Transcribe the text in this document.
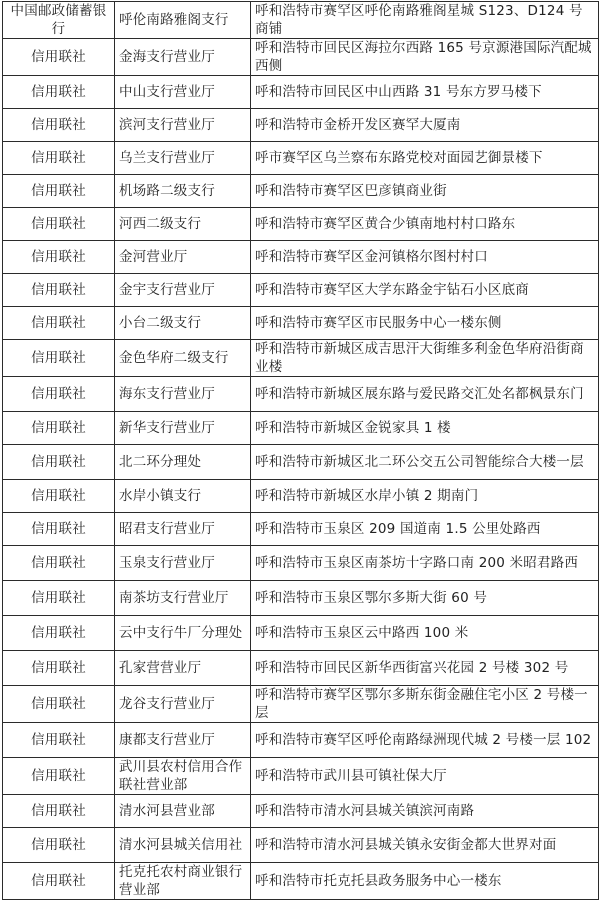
中国邮政储蓄银行	呼伦南路雅阁支行	呼和浩特市赛罕区呼伦南路雅阁星城 S123、D124 号商铺
信用联社	金海支行营业厅	呼和浩特市回民区海拉尔西路 165 号京源港国际汽配城西侧
信用联社	中山支行营业厅	呼和浩特市回民区中山西路 31 号东方罗马楼下
信用联社	滨河支行营业厅	呼和浩特市金桥开发区赛罕大厦南
信用联社	乌兰支行营业厅	呼市赛罕区乌兰察布东路党校对面园艺御景楼下
信用联社	机场路二级支行	呼和浩特市赛罕区巴彦镇商业街
信用联社	河西二级支行	呼和浩特市赛罕区黄合少镇南地村村口路东
信用联社	金河营业厅	呼和浩特市赛罕区金河镇格尔图村村口
信用联社	金宇支行营业厅	呼和浩特市赛罕区大学东路金宇钻石小区底商
信用联社	小台二级支行	呼和浩特市赛罕区市民服务中心一楼东侧
信用联社	金色华府二级支行	呼和浩特市新城区成吉思汗大街维多利金色华府沿街商业楼
信用联社	海东支行营业厅	呼和浩特市新城区展东路与爱民路交汇处名都枫景东门
信用联社	新华支行营业厅	呼和浩特市新城区金锐家具 1 楼
信用联社	北二环分理处	呼和浩特市新城区北二环公交五公司智能综合大楼一层
信用联社	水岸小镇支行	呼和浩特市新城区水岸小镇 2 期南门
信用联社	昭君支行营业厅	呼和浩特市玉泉区 209 国道南 1.5 公里处路西
信用联社	玉泉支行营业厅	呼和浩特市玉泉区南茶坊十字路口南 200 米昭君路西
信用联社	南茶坊支行营业厅	呼和浩特市玉泉区鄂尔多斯大街 60 号
信用联社	云中支行牛厂分理处	呼和浩特市玉泉区云中路西 100 米
信用联社	孔家营营业厅	呼和浩特市回民区新华西街富兴花园 2 号楼 302 号
信用联社	龙谷支行营业厅	呼和浩特市赛罕区鄂尔多斯东街金融住宅小区 2 号楼一层
信用联社	康都支行营业厅	呼和浩特市赛罕区呼伦南路绿洲现代城 2 号楼一层 102
信用联社	武川县农村信用合作联社营业部	呼和浩特市武川县可镇社保大厅
信用联社	清水河县营业部	呼和浩特市清水河县城关镇滨河南路
信用联社	清水河县城关信用社	呼和浩特市清水河县城关镇永安街金都大世界对面
信用联社	托克托农村商业银行营业部	呼和浩特市托克托县政务服务中心一楼东
